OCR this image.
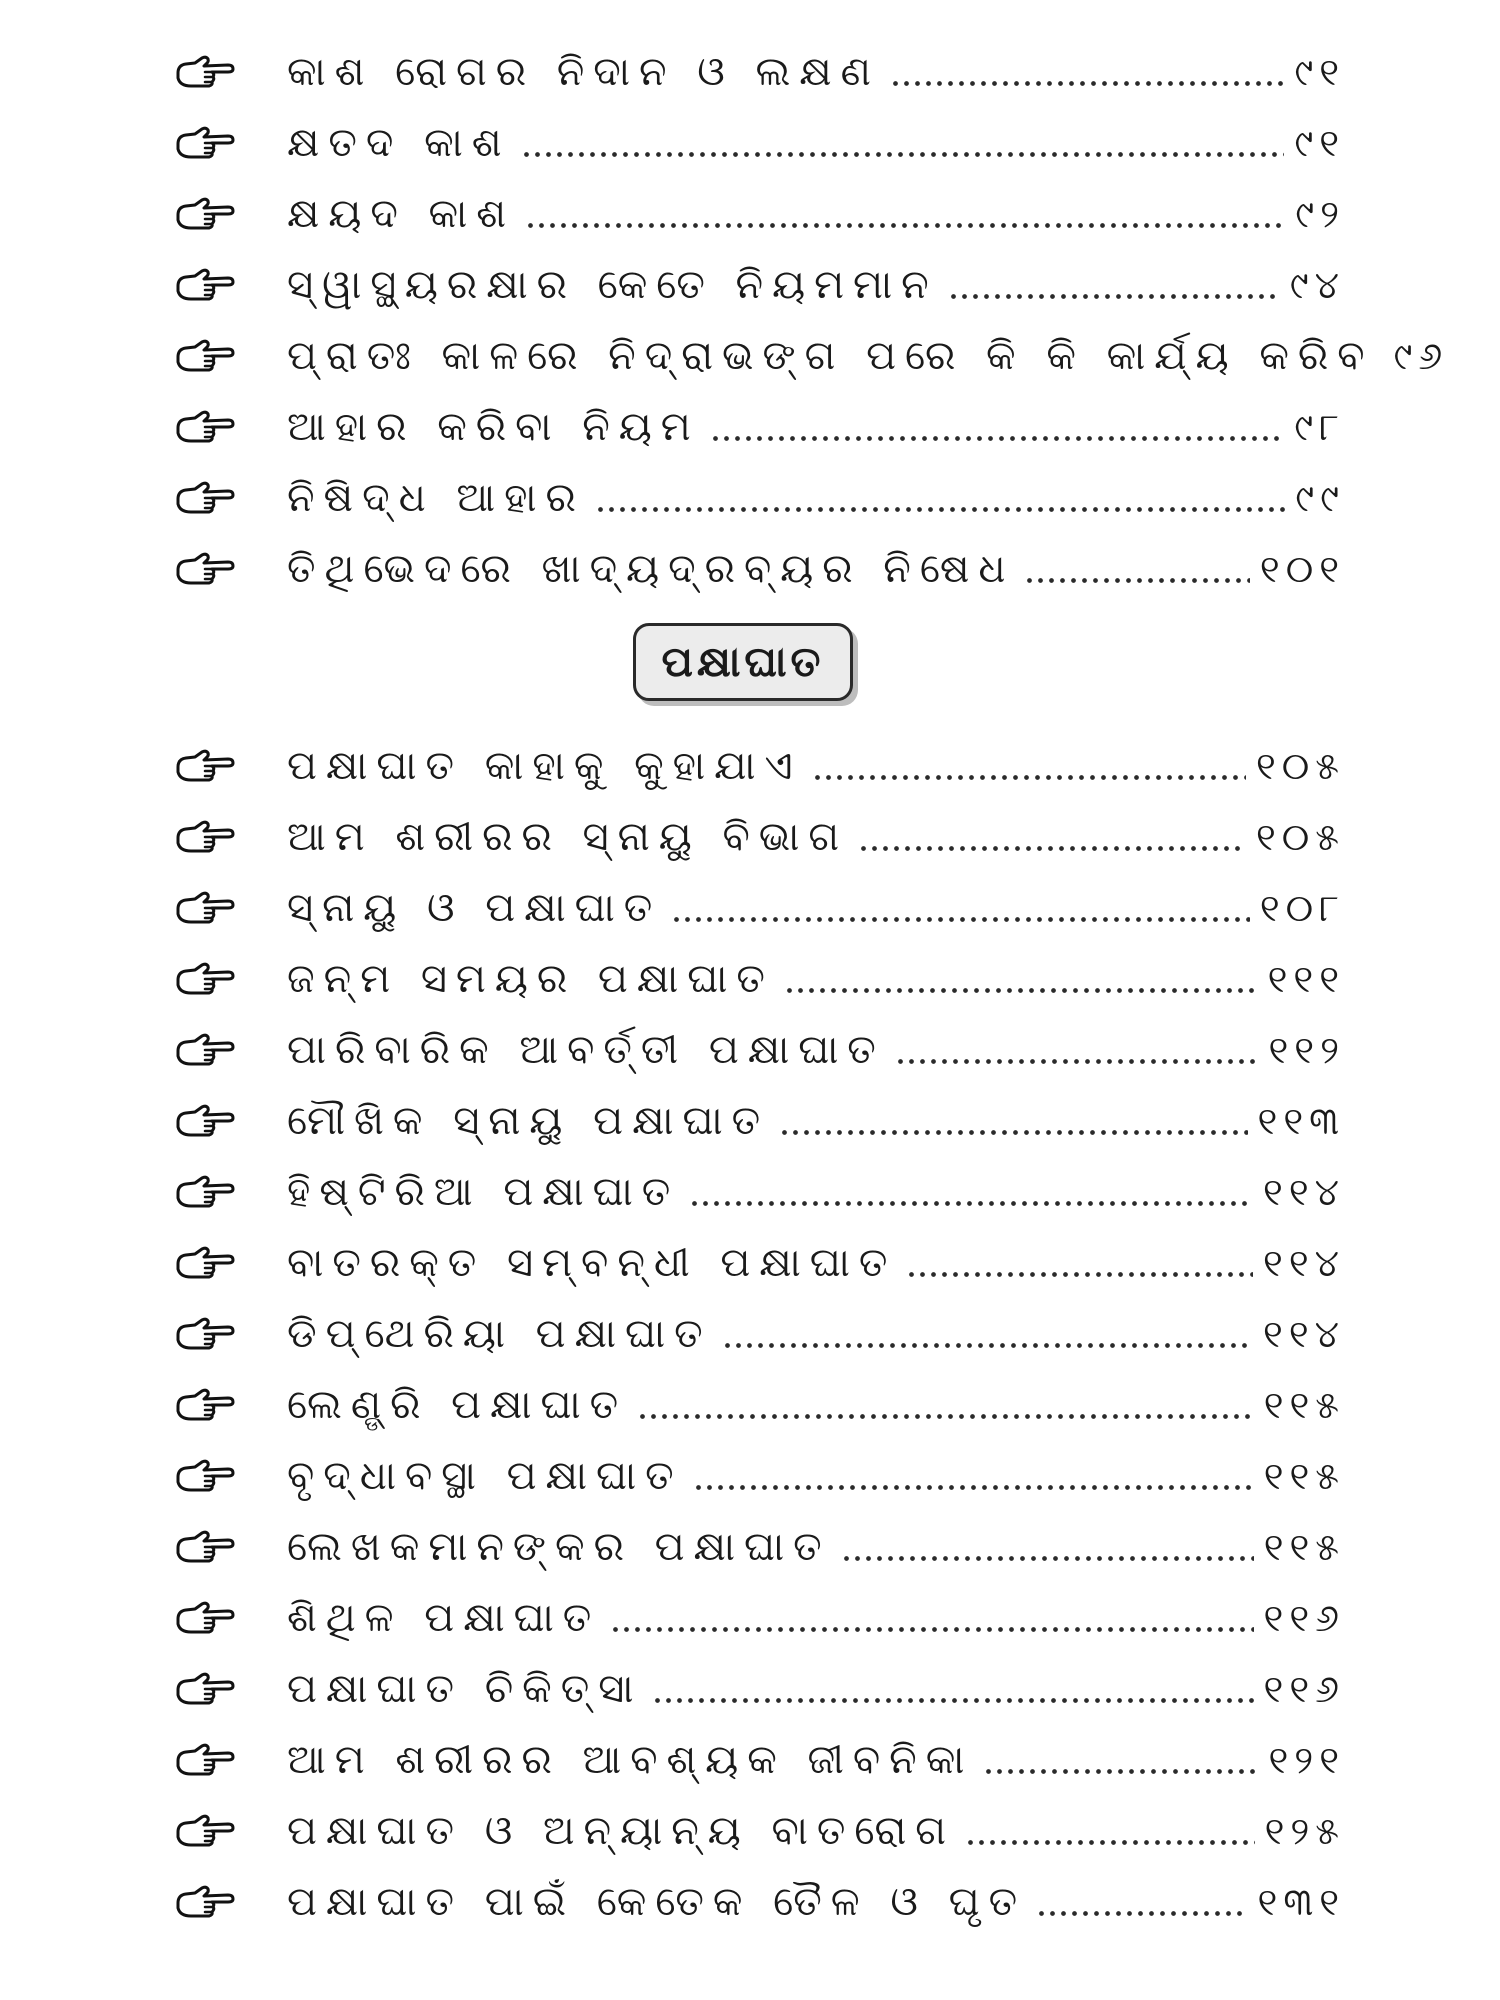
କାଶ ରୋଗର ନିଦାନ ଓ ଲକ୍ଷଣ	୯୧
କ୍ଷତଦ କାଶ	୯୧
କ୍ଷୟଦ କାଶ	୯୨
ସ୍ୱାସ୍ଥ୍ୟରକ୍ଷାର କେତେ ନିୟମମାନ	୯୪
ପ୍ରାତଃ କାଳରେ ନିଦ୍ରାଭଙ୍ଗ ପରେ କି କି କାର୍ଯ୍ୟ କରିବ ୯୬
ଆହାର କରିବା ନିୟମ	୯୮
ନିଷିଦ୍ଧ ଆହାର	୯୯
ତିଥିଭେଦରେ ଖାଦ୍ୟଦ୍ରବ୍ୟର ନିଷେଧ	୧୦୧
ପକ୍ଷାଘାତ
ପକ୍ଷାଘାତ କାହାକୁ କୁହାଯାଏ	୧୦୫
ଆମ ଶରୀରର ସ୍ନାୟୁ ବିଭାଗ	୧୦୫
ସ୍ନାୟୁ ଓ ପକ୍ଷାଘାତ	୧୦୮
ଜନ୍ମ ସମୟର ପକ୍ଷାଘାତ	୧୧୧
ପାରିବାରିକ ଆବର୍ତ୍ତୀ ପକ୍ଷାଘାତ	୧୧୨
ମୌଖିକ ସ୍ନାୟୁ ପକ୍ଷାଘାତ	୧୧୩
ହିଷ୍ଟିରିଆ ପକ୍ଷାଘାତ	୧୧୪
ବାତରକ୍ତ ସମ୍ବନ୍ଧୀ ପକ୍ଷାଘାତ	୧୧୪
ଡିପ୍‌ଥେରିୟା ପକ୍ଷାଘାତ	୧୧୪
ଲେଣ୍ଡ୍ରି ପକ୍ଷାଘାତ	୧୧୫
ବୃଦ୍ଧାବସ୍ଥା ପକ୍ଷାଘାତ	୧୧୫
ଲେଖକମାନଙ୍କର ପକ୍ଷାଘାତ	୧୧୫
ଶିଥିଳ ପକ୍ଷାଘାତ	୧୧୬
ପକ୍ଷାଘାତ ଚିକିତ୍ସା	୧୧୬
ଆମ ଶରୀରର ଆବଶ୍ୟକ ଜୀବନିକା	୧୨୧
ପକ୍ଷାଘାତ ଓ ଅନ୍ୟାନ୍ୟ ବାତରୋଗ	୧୨୫
ପକ୍ଷାଘାତ ପାଇଁ କେତେକ ତୈଳ ଓ ଘୃତ	୧୩୧
